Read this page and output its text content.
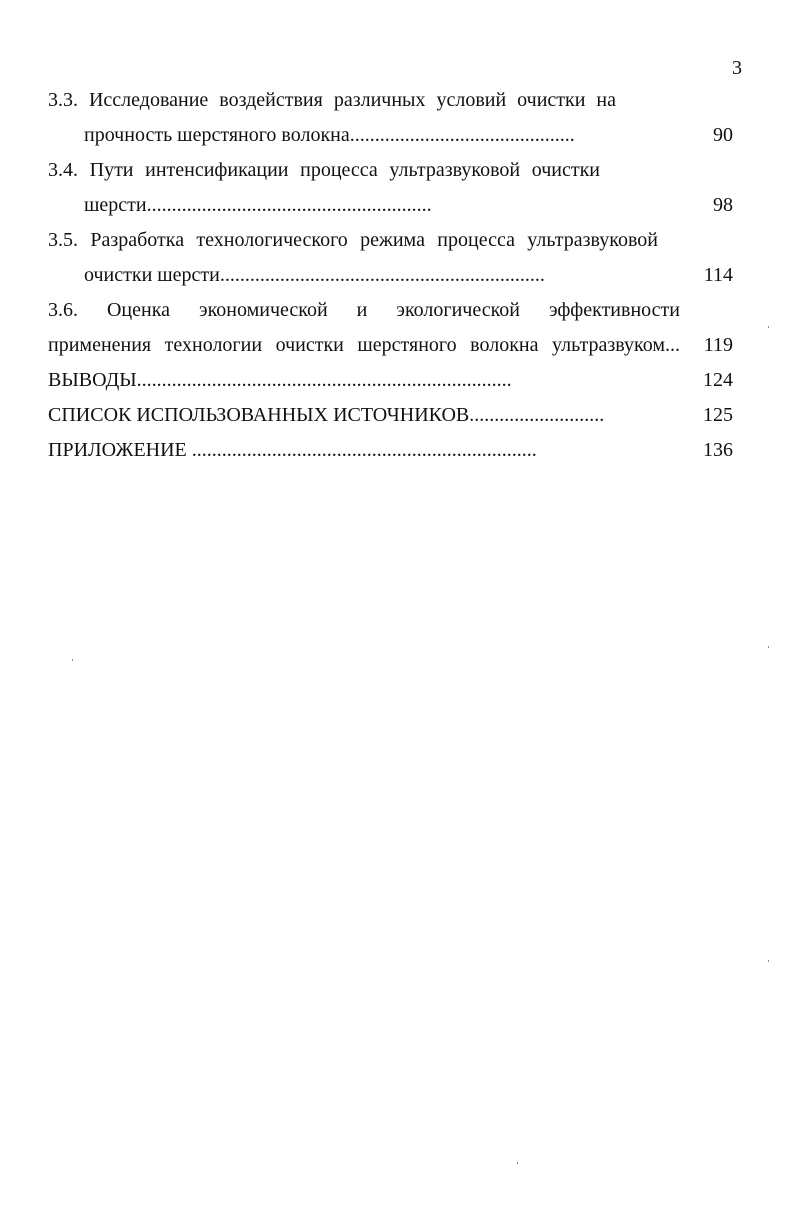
3
3.3. Исследование воздействия различных условий очистки на
прочность шерстяного волокна.............................................	90
3.4. Пути интенсификации процесса ультразвуковой очистки
шерсти.........................................................	98
3.5. Разработка технологического режима процесса ультразвуковой
очистки шерсти.................................................................	114
3.6. Оценка экономической и экологической эффективности
применения технологии очистки шерстяного волокна ультразвуком...	119
ВЫВОДЫ...........................................................................	124
СПИСОК ИСПОЛЬЗОВАННЫХ ИСТОЧНИКОВ...........................	125
ПРИЛОЖЕНИЕ .....................................................................	136
